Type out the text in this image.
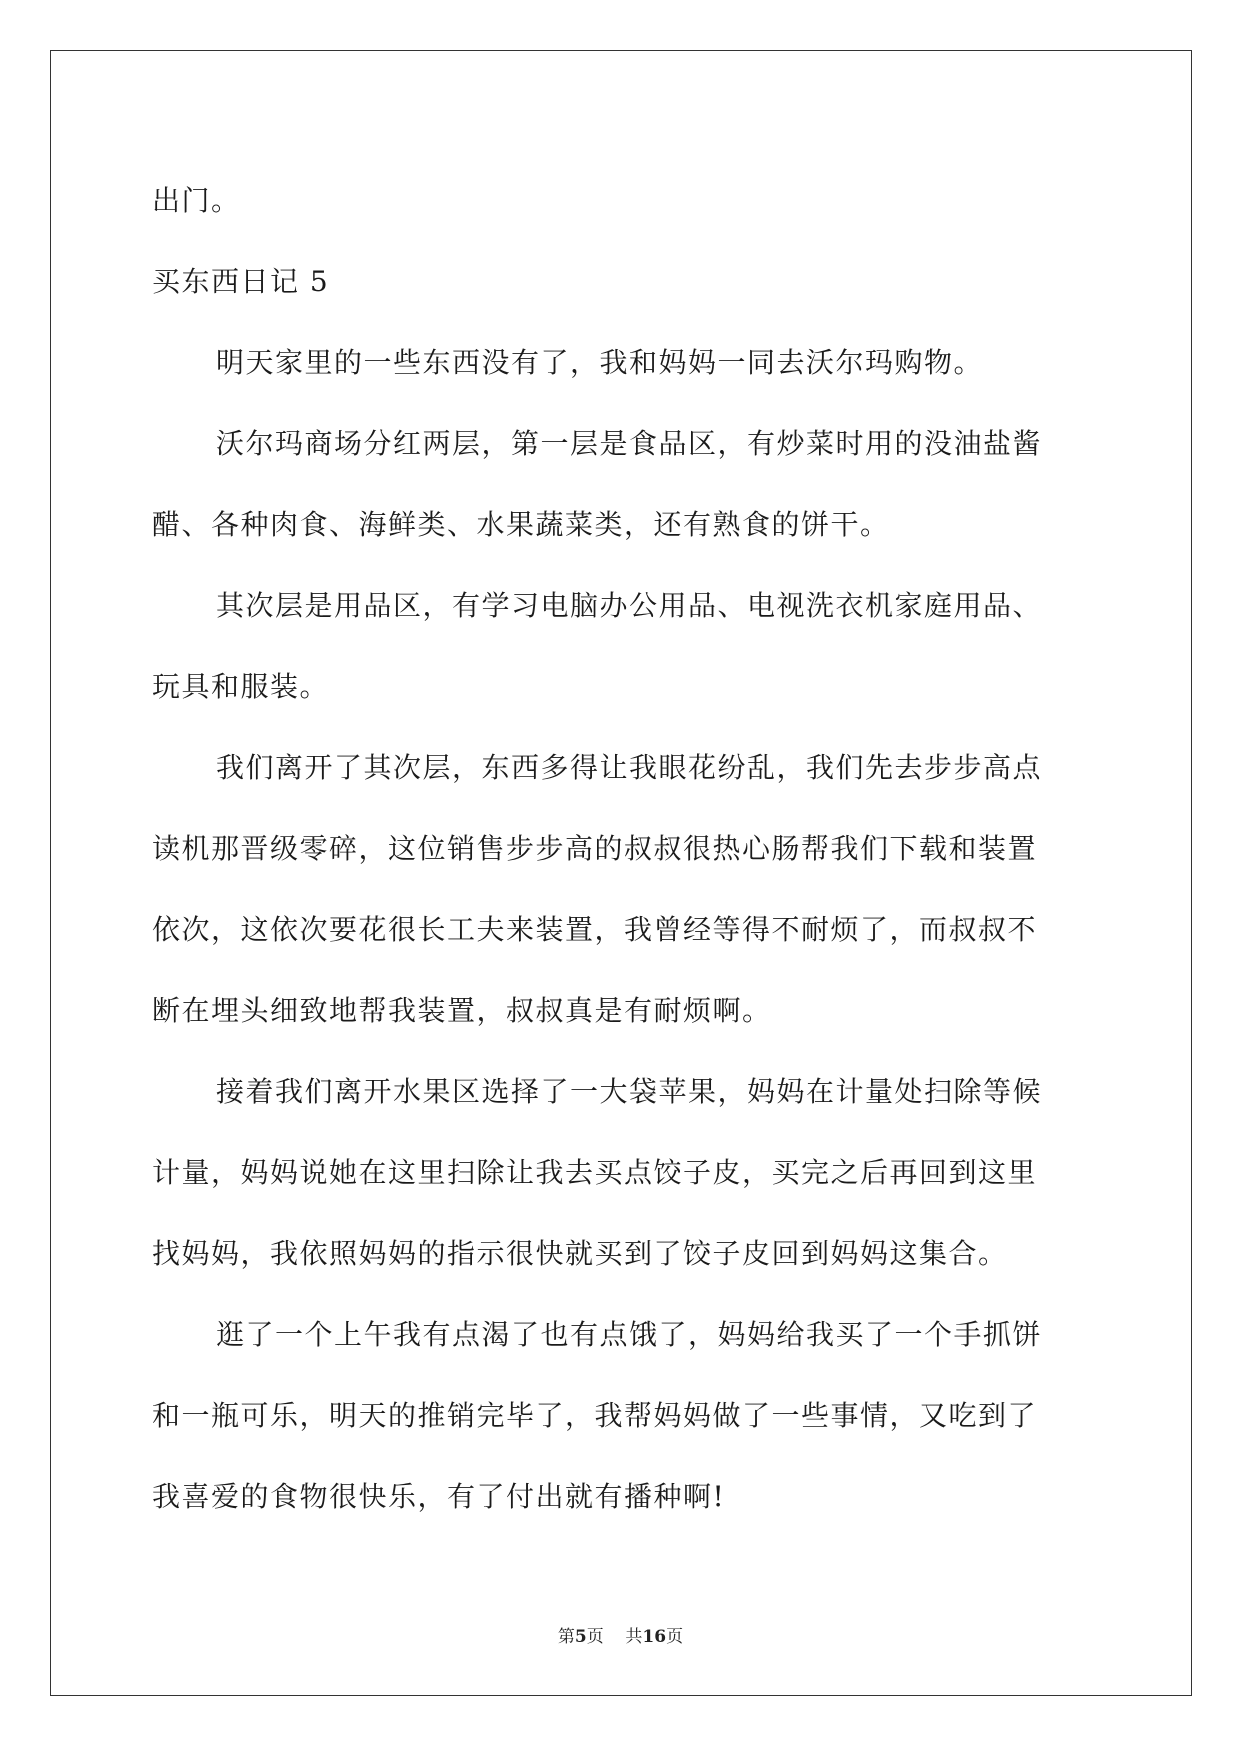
出门。
买东西日记 5
明天家里的一些东西没有了，我和妈妈一同去沃尔玛购物。
沃尔玛商场分红两层，第一层是食品区，有炒菜时用的没油盐酱
醋、各种肉食、海鲜类、水果蔬菜类，还有熟食的饼干。
其次层是用品区，有学习电脑办公用品、电视洗衣机家庭用品、
玩具和服装。
我们离开了其次层，东西多得让我眼花纷乱，我们先去步步高点
读机那晋级零碎，这位销售步步高的叔叔很热心肠帮我们下载和装置
依次，这依次要花很长工夫来装置，我曾经等得不耐烦了，而叔叔不
断在埋头细致地帮我装置，叔叔真是有耐烦啊。
接着我们离开水果区选择了一大袋苹果，妈妈在计量处扫除等候
计量，妈妈说她在这里扫除让我去买点饺子皮，买完之后再回到这里
找妈妈，我依照妈妈的指示很快就买到了饺子皮回到妈妈这集合。
逛了一个上午我有点渴了也有点饿了，妈妈给我买了一个手抓饼
和一瓶可乐，明天的推销完毕了，我帮妈妈做了一些事情，又吃到了
我喜爱的食物很快乐，有了付出就有播种啊!
第5页 共16页
